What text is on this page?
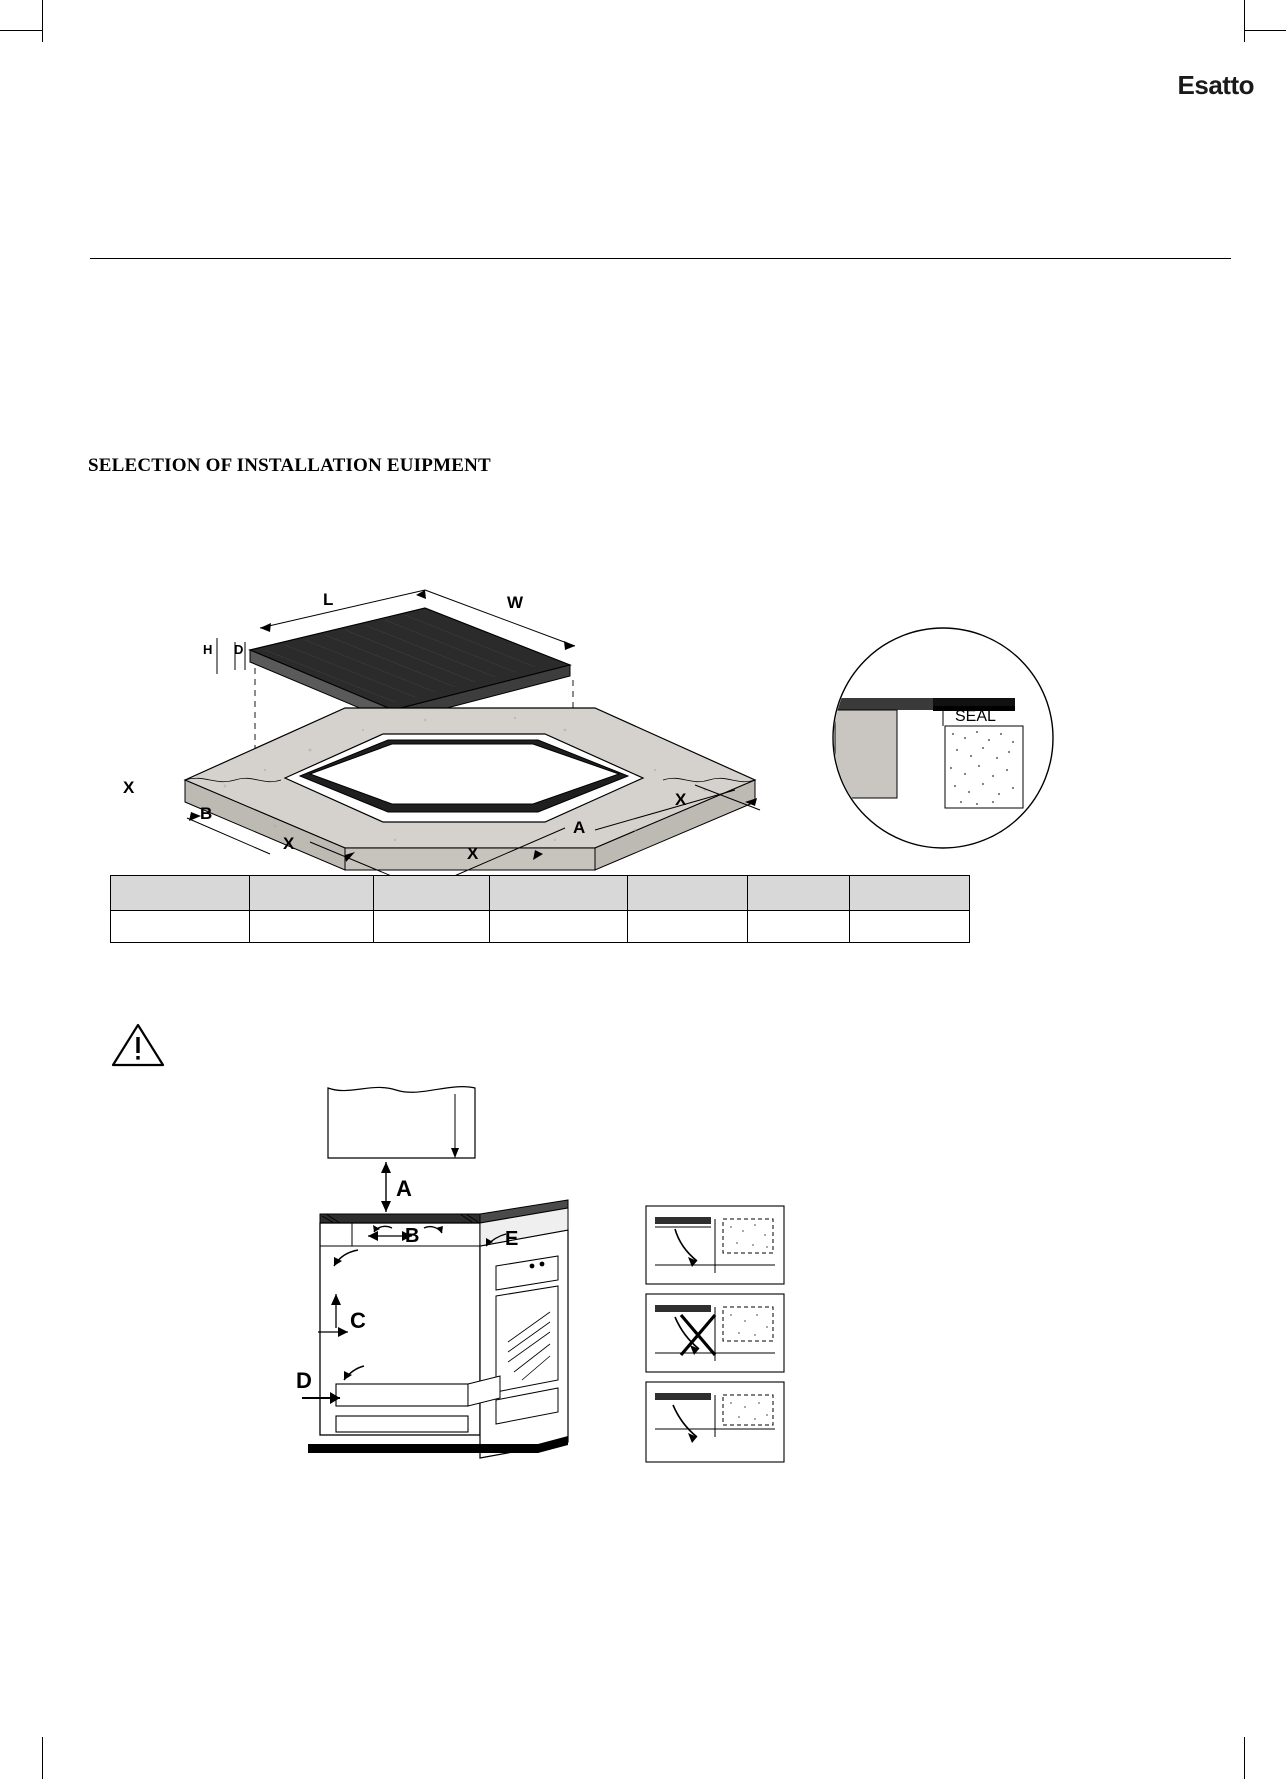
Esatto
SELECTION OF INSTALLATION EUIPMENT
L	W
H D
X
B
X
X
A
X
SEAL

A
B	E
C
D
